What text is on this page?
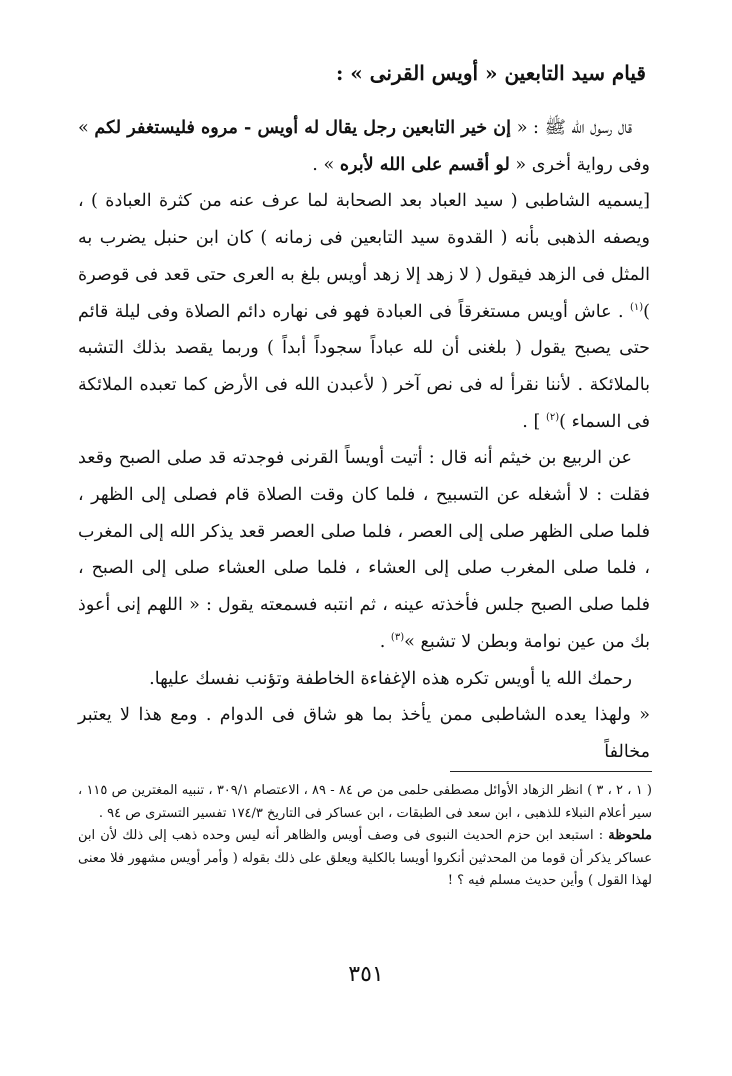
قيام سيد التابعين « أويس القرنى » :

قال رسول الله ﷺ : « إن خير التابعين رجل يقال له أويس - مروه فليستغفر لكم » وفى رواية أخرى « لو أقسم على الله لأبره » .

[يسميه الشاطبى ( سيد العباد بعد الصحابة لما عرف عنه من كثرة العبادة ) ، ويصفه الذهبى بأنه ( القدوة سيد التابعين فى زمانه ) كان ابن حنبل يضرب به المثل فى الزهد فيقول ( لا زهد إلا زهد أويس بلغ به العرى حتى قعد فى قوصرة )$^{(١)}$ . عاش أويس مستغرقاً فى العبادة فهو فى نهاره دائم الصلاة وفى ليلة قائم حتى يصبح يقول ( بلغنى أن لله عباداً سجوداً أبداً ) وربما يقصد بذلك التشبه بالملائكة . لأننا نقرأ له فى نص آخر ( لأعبدن الله فى الأرض كما تعبده الملائكة فى السماء )$^{(٢)}$ ] .

عن الربيع بن خيثم أنه قال : أتيت أويساً القرنى فوجدته قد صلى الصبح وقعد فقلت : لا أشغله عن التسبيح ، فلما كان وقت الصلاة قام فصلى إلى الظهر ، فلما صلى الظهر صلى إلى العصر ، فلما صلى العصر قعد يذكر الله إلى المغرب ، فلما صلى المغرب صلى إلى العشاء ، فلما صلى العشاء صلى إلى الصبح ، فلما صلى الصبح جلس فأخذته عينه ، ثم انتبه فسمعته يقول : « اللهم إنى أعوذ بك من عين نوامة وبطن لا تشبع »$^{(٣)}$ .

رحمك الله يا أويس تكره هذه الإغفاءة الخاطفة وتؤنب نفسك عليها.

« ولهذا يعده الشاطبى ممن يأخذ بما هو شاق فى الدوام . ومع هذا لا يعتبر مخالفاً

( ١ ، ٢ ، ٣ ) انظر الزهاد الأوائل مصطفى حلمى من ص ٨٤ - ٨٩ ، الاعتصام ٣٠٩/١ ، تنبيه المغترين ص ١١٥ ، سير أعلام النبلاء للذهبى ، ابن سعد فى الطبقات ، ابن عساكر فى التاريخ ١٧٤/٣ تفسير التسترى ص ٩٤ .

ملحوظة : استبعد ابن حزم الحديث النبوى فى وصف أويس والظاهر أنه ليس وحده ذهب إلى ذلك لأن ابن عساكر يذكر أن قوما من المحدثين أنكروا أويسا بالكلية ويعلق على ذلك بقوله ( وأمر أويس مشهور فلا معنى لهذا القول ) وأين حديث مسلم فيه ؟ !

٣٥١
